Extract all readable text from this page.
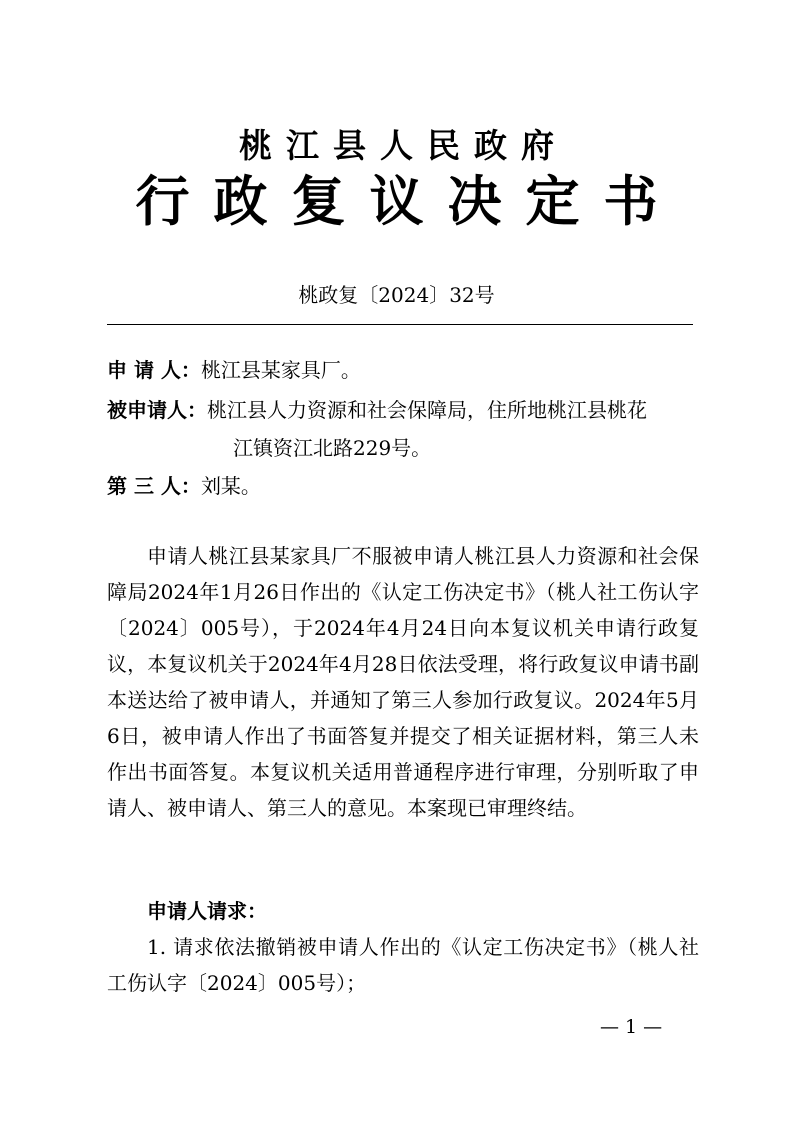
桃江县人民政府
行政复议决定书
桃政复〔2024〕32号
申 请 人：桃江县某家具厂。
被申请人：桃江县人力资源和社会保障局，住所地桃江县桃花
江镇资江北路229号。
第 三 人：刘某。
申请人桃江县某家具厂不服被申请人桃江县人力资源和社会保障局2024年1月26日作出的《认定工伤决定书》（桃人社工伤认字〔2024〕005号），于2024年4月24日向本复议机关申请行政复议，本复议机关于2024年4月28日依法受理，将行政复议申请书副本送达给了被申请人，并通知了第三人参加行政复议。2024年5月6日，被申请人作出了书面答复并提交了相关证据材料，第三人未作出书面答复。本复议机关适用普通程序进行审理，分别听取了申请人、被申请人、第三人的意见。本案现已审理终结。
申请人请求：
1. 请求依法撤销被申请人作出的《认定工伤决定书》（桃人社工伤认字〔2024〕005号）；
— 1 —
